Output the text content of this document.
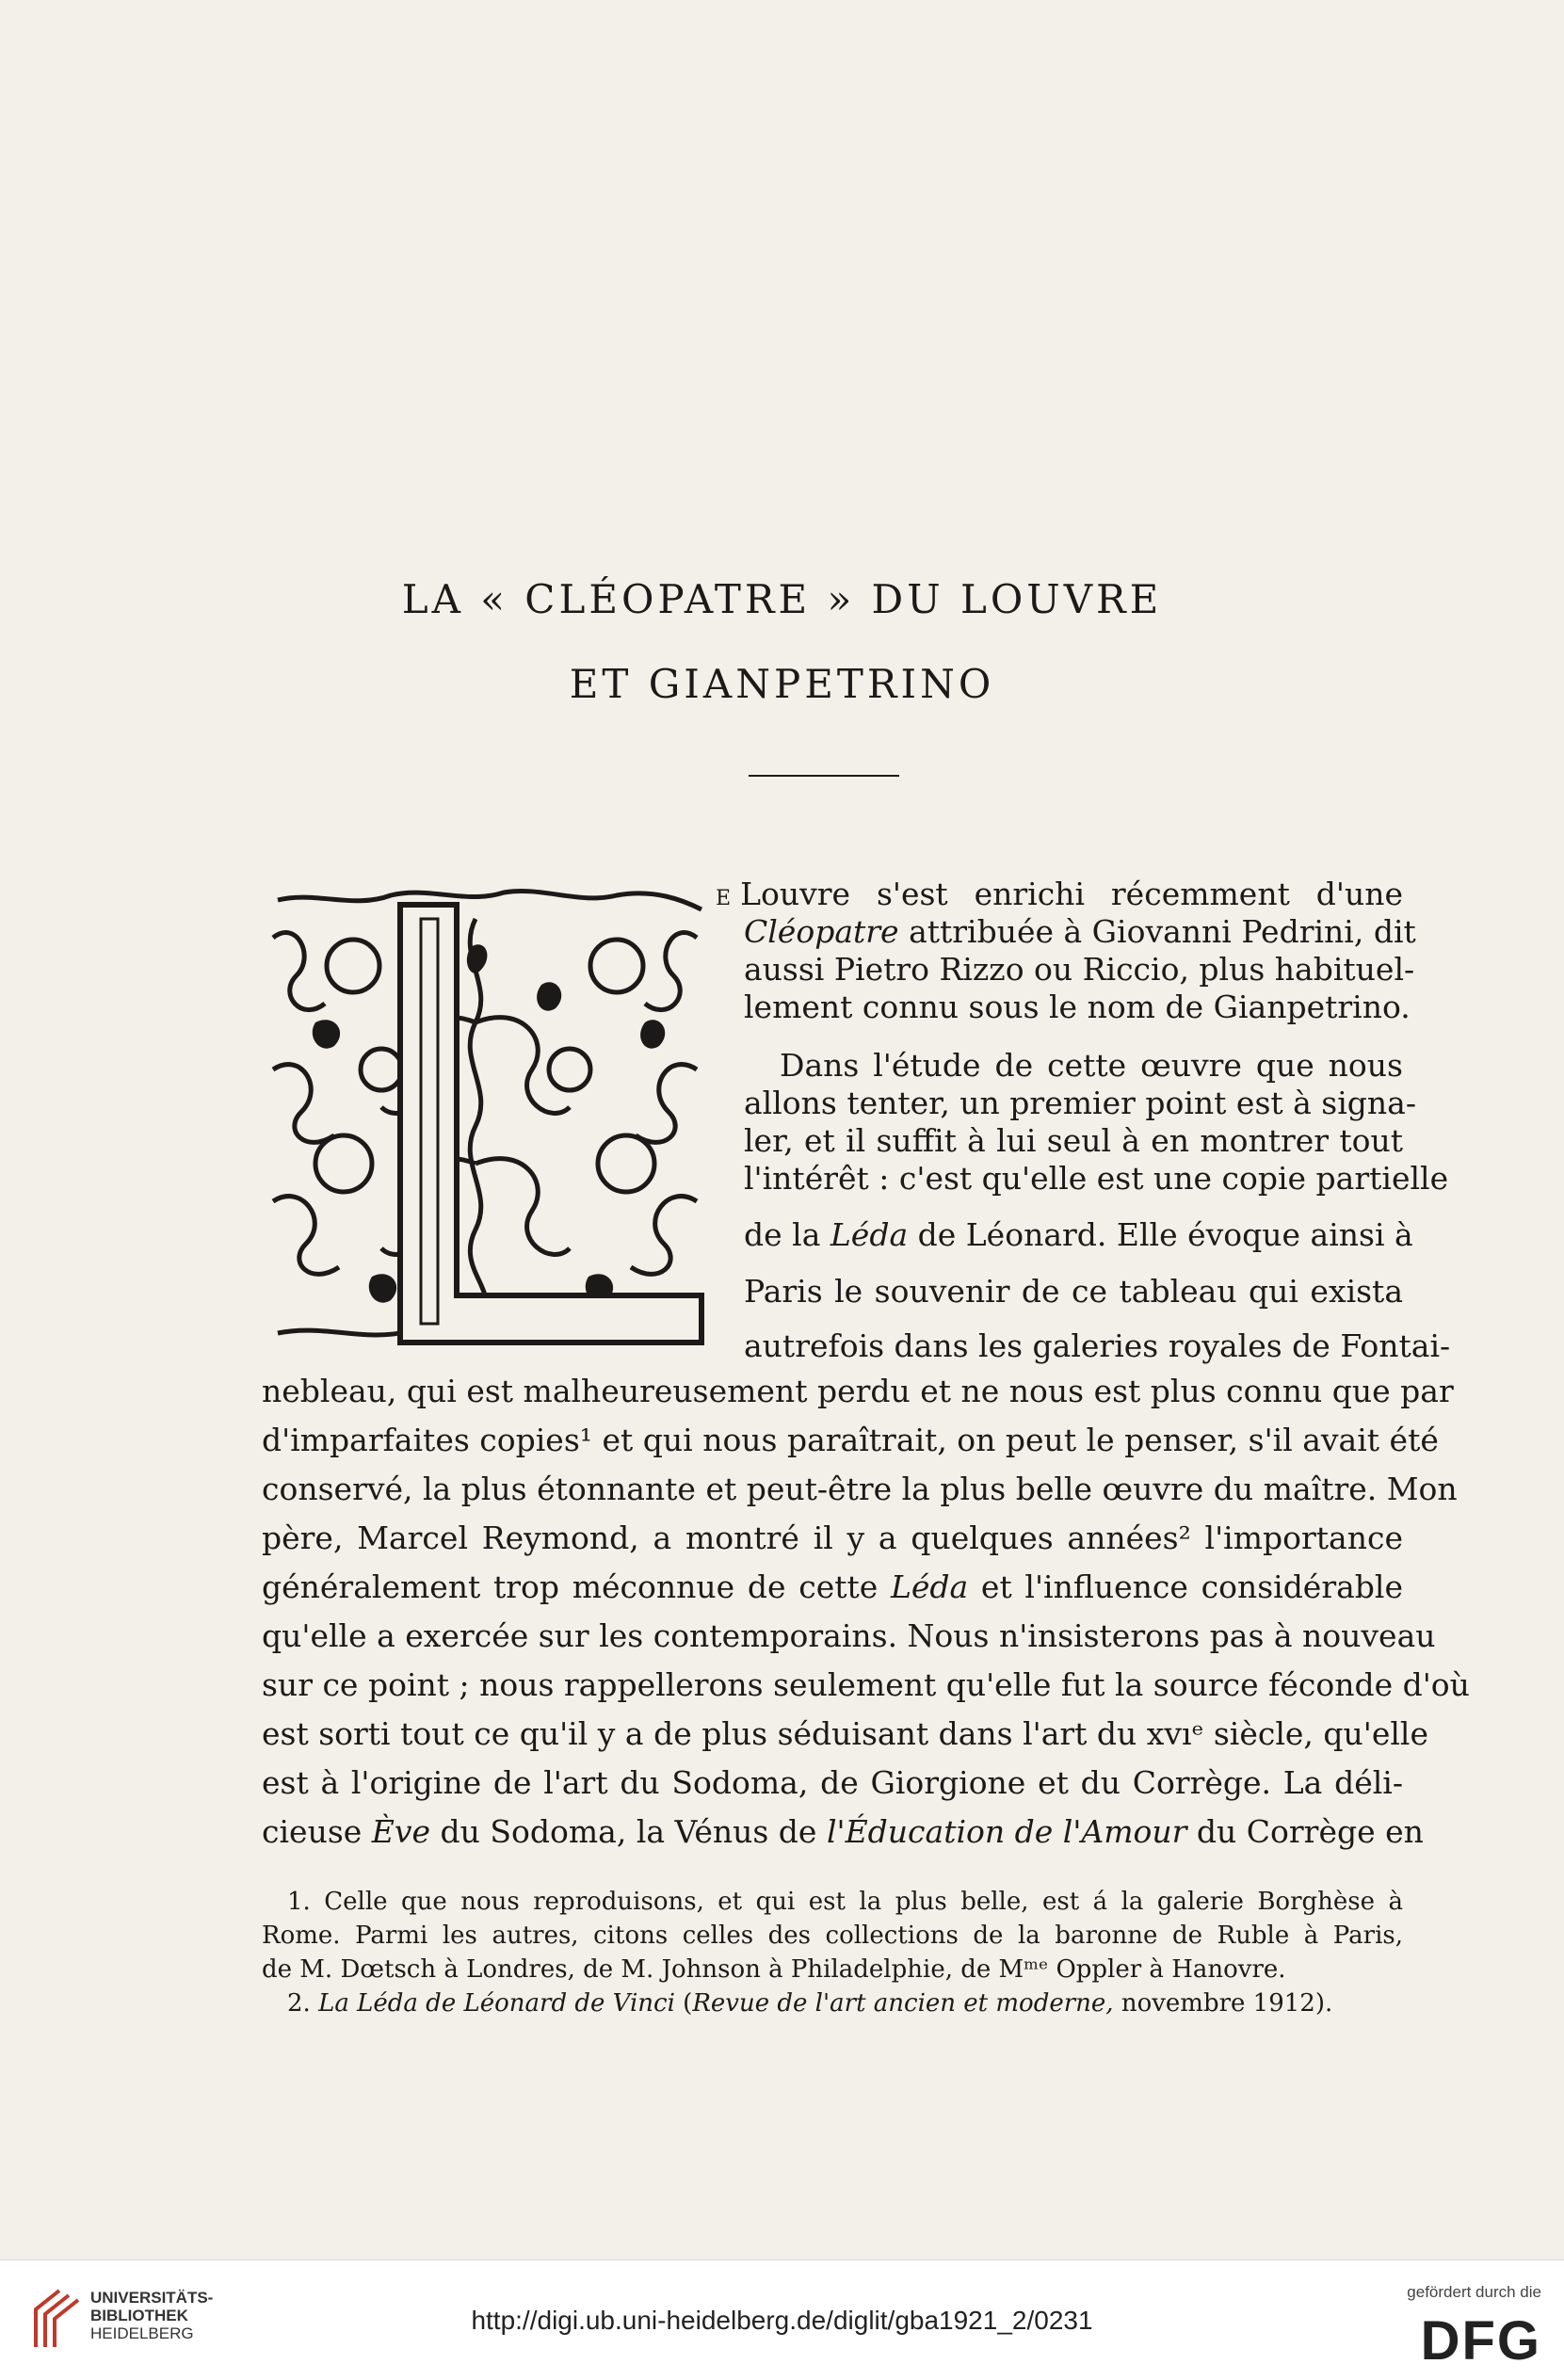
LA « CLÉOPATRE » DU LOUVRE
ET GIANPETRINO
E Louvre s'est enrichi récemment d'une
Cléopatre attribuée à Giovanni Pedrini, dit
aussi Pietro Rizzo ou Riccio, plus habituel-
lement connu sous le nom de Gianpetrino.
Dans l'étude de cette œuvre que nous
allons tenter, un premier point est à signa-
ler, et il suffit à lui seul à en montrer tout
l'intérêt : c'est qu'elle est une copie partielle
de la Léda de Léonard. Elle évoque ainsi à
Paris le souvenir de ce tableau qui exista
autrefois dans les galeries royales de Fontai-
nebleau, qui est malheureusement perdu et ne nous est plus connu que par
d'imparfaites copies¹ et qui nous paraîtrait, on peut le penser, s'il avait été
conservé, la plus étonnante et peut-être la plus belle œuvre du maître. Mon
père, Marcel Reymond, a montré il y a quelques années² l'importance
généralement trop méconnue de cette Léda et l'influence considérable
qu'elle a exercée sur les contemporains. Nous n'insisterons pas à nouveau
sur ce point ; nous rappellerons seulement qu'elle fut la source féconde d'où
est sorti tout ce qu'il y a de plus séduisant dans l'art du xvıᵉ siècle, qu'elle
est à l'origine de l'art du Sodoma, de Giorgione et du Corrège. La déli-
cieuse Ève du Sodoma, la Vénus de l'Éducation de l'Amour du Corrège en
1. Celle que nous reproduisons, et qui est la plus belle, est á la galerie Borghèse à
Rome. Parmi les autres, citons celles des collections de la baronne de Ruble à Paris,
de M. Dœtsch à Londres, de M. Johnson à Philadelphie, de Mᵐᵉ Oppler à Hanovre.
2. La Léda de Léonard de Vinci (Revue de l'art ancien et moderne, novembre 1912).
UNIVERSITÄTS-
BIBLIOTHEK
HEIDELBERG	http://digi.ub.uni-heidelberg.de/diglit/gba1921_2/0231
gefördert durch die
DFG
